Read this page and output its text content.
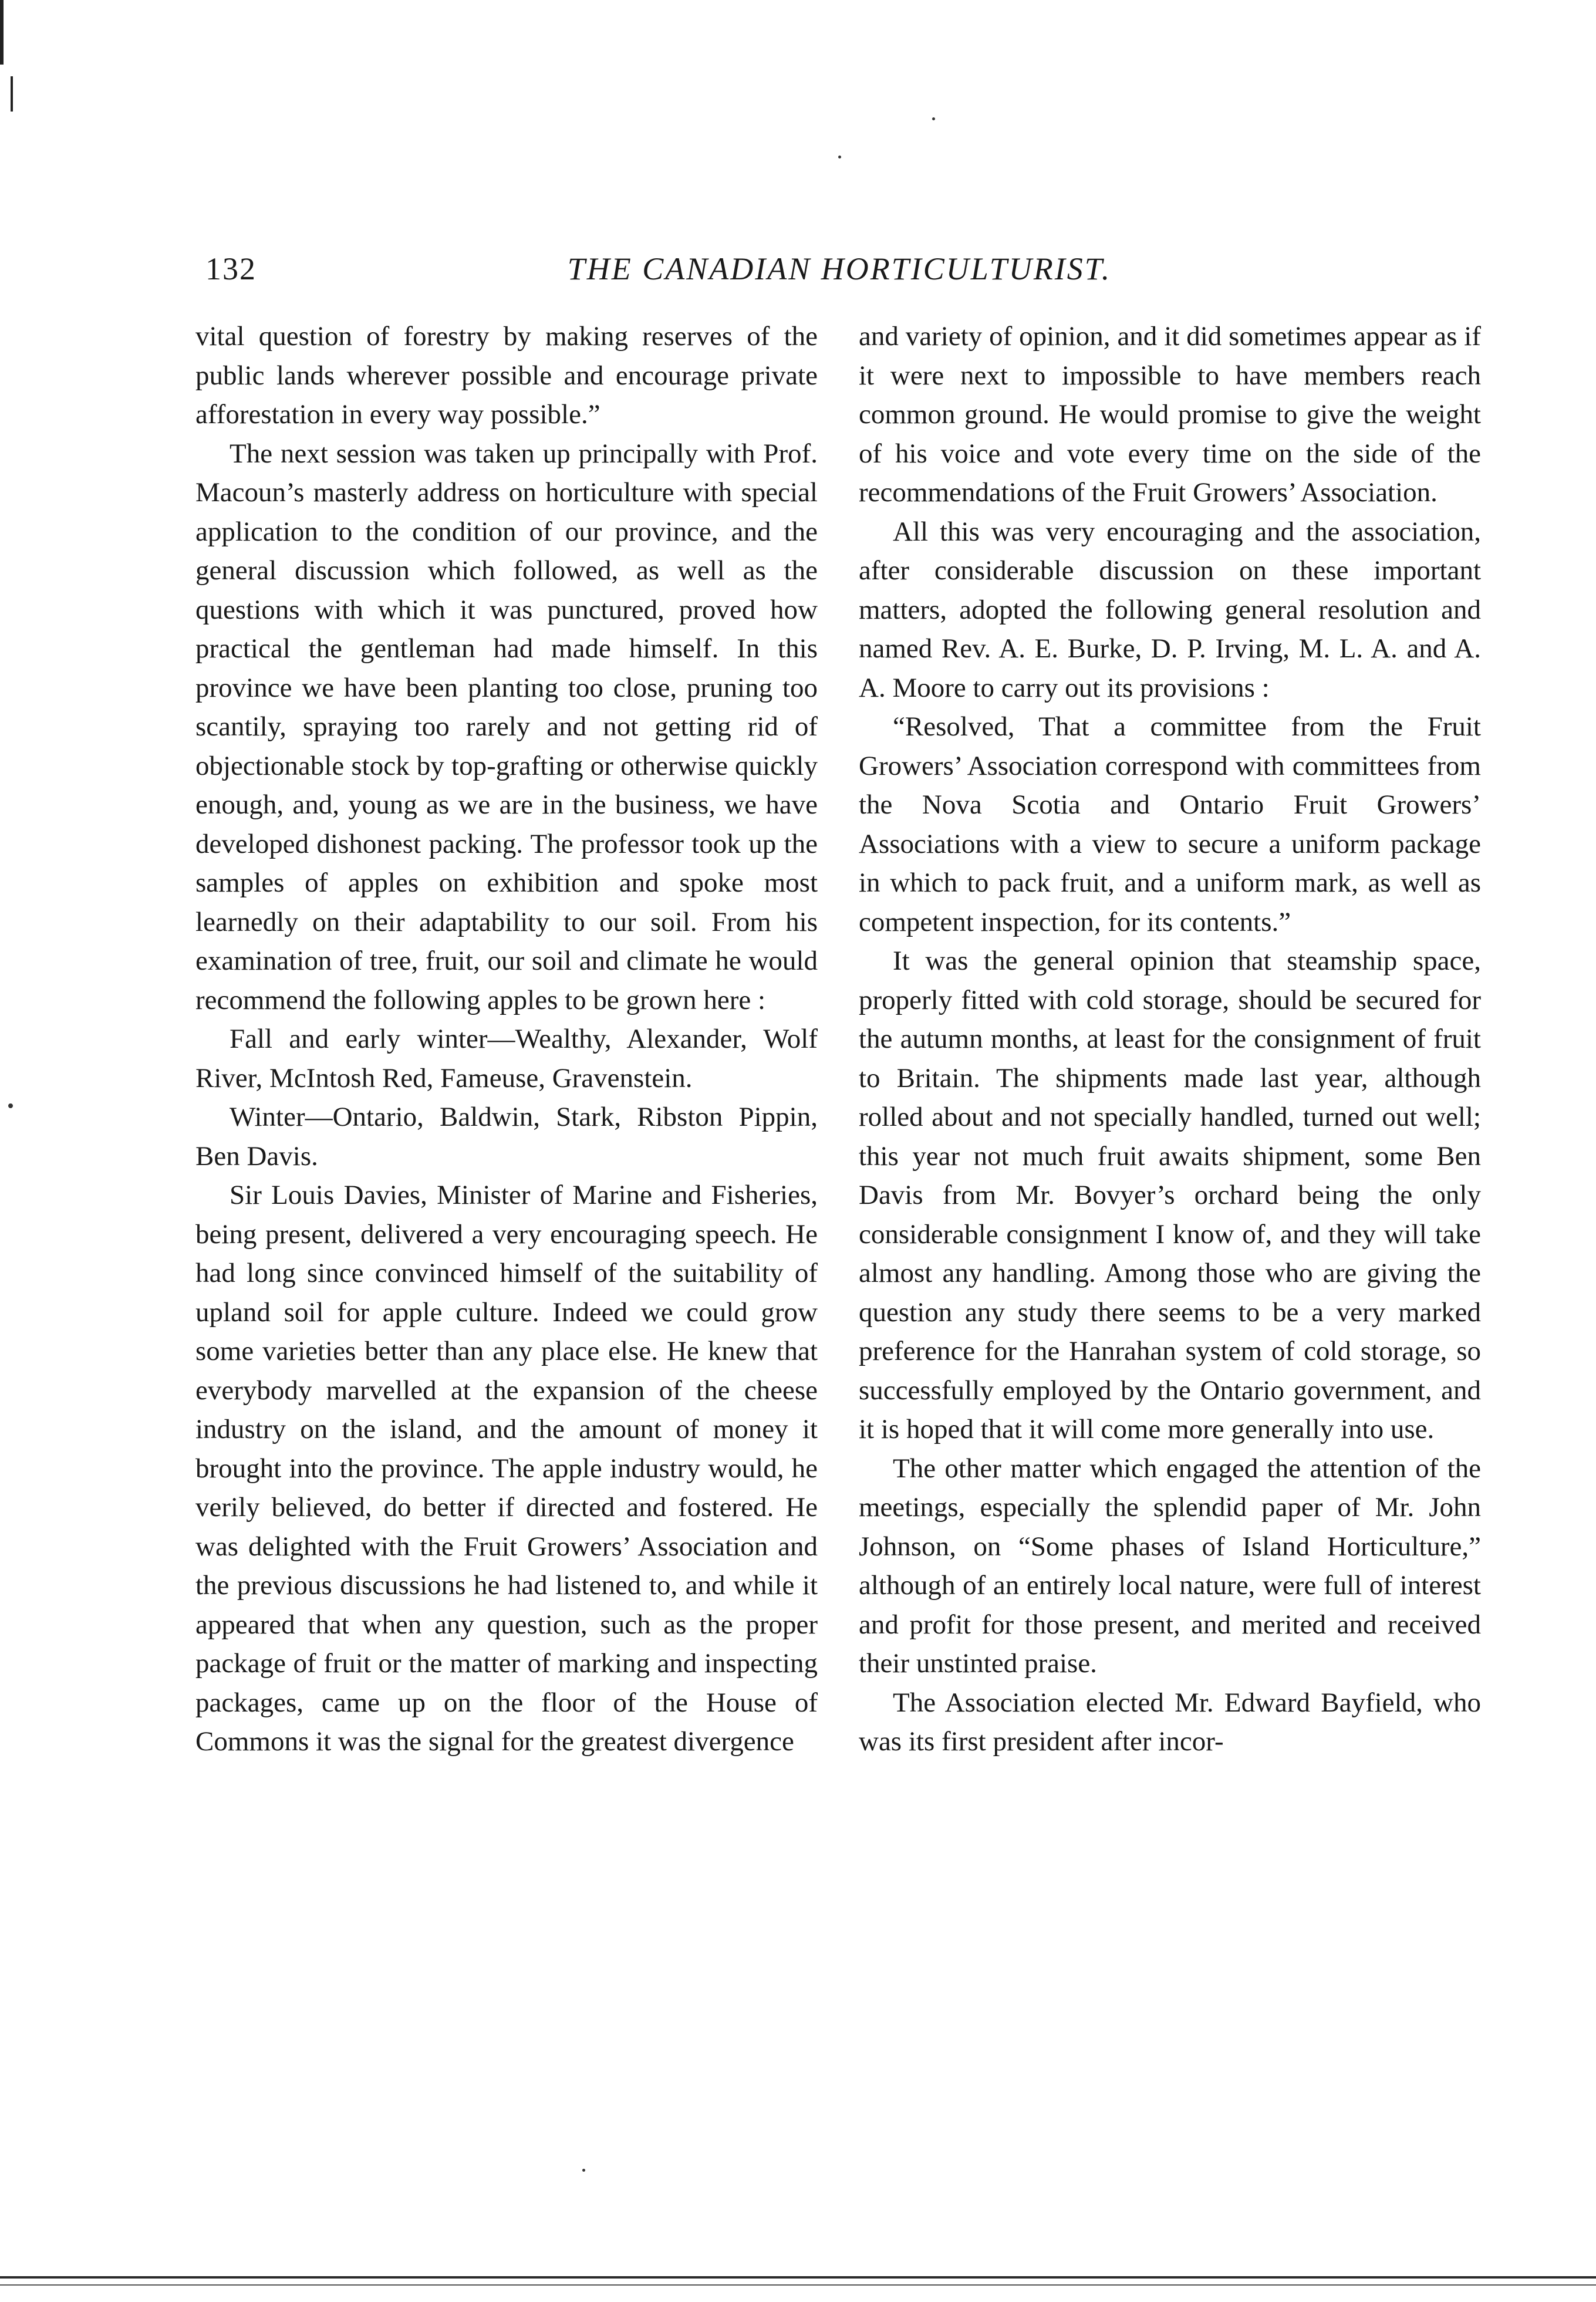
132	THE CANADIAN HORTICULTURIST.

vital question of forestry by making reserves of the public lands wherever possible and encourage private afforestation in every way possible.”

The next session was taken up principally with Prof. Macoun’s masterly address on horticulture with special application to the condition of our province, and the general discussion which followed, as well as the questions with which it was punctured, proved how practical the gentleman had made himself. In this province we have been planting too close, pruning too scantily, spraying too rarely and not getting rid of objectionable stock by top-grafting or otherwise quickly enough, and, young as we are in the business, we have developed dishonest packing. The professor took up the samples of apples on exhibition and spoke most learnedly on their adaptability to our soil. From his examination of tree, fruit, our soil and climate he would recommend the following apples to be grown here :

Fall and early winter—Wealthy, Alexander, Wolf River, McIntosh Red, Fameuse, Gravenstein.

Winter—Ontario, Baldwin, Stark, Ribston Pippin, Ben Davis.

Sir Louis Davies, Minister of Marine and Fisheries, being present, delivered a very encouraging speech. He had long since convinced himself of the suitability of upland soil for apple culture. Indeed we could grow some varieties better than any place else. He knew that everybody marvelled at the expansion of the cheese industry on the island, and the amount of money it brought into the province. The apple industry would, he verily believed, do better if directed and fostered. He was delighted with the Fruit Growers’ Association and the previous discussions he had listened to, and while it appeared that when any question, such as the proper package of fruit or the matter of marking and inspecting packages, came up on the floor of the House of Commons it was the signal for the greatest divergence

and variety of opinion, and it did sometimes appear as if it were next to impossible to have members reach common ground. He would promise to give the weight of his voice and vote every time on the side of the recommendations of the Fruit Growers’ Association.

All this was very encouraging and the association, after considerable discussion on these important matters, adopted the following general resolution and named Rev. A. E. Burke, D. P. Irving, M. L. A. and A. A. Moore to carry out its provisions :

“Resolved, That a committee from the Fruit Growers’ Association correspond with committees from the Nova Scotia and Ontario Fruit Growers’ Associations with a view to secure a uniform package in which to pack fruit, and a uniform mark, as well as competent inspection, for its contents.”

It was the general opinion that steamship space, properly fitted with cold storage, should be secured for the autumn months, at least for the consignment of fruit to Britain. The shipments made last year, although rolled about and not specially handled, turned out well; this year not much fruit awaits shipment, some Ben Davis from Mr. Bovyer’s orchard being the only considerable consignment I know of, and they will take almost any handling. Among those who are giving the question any study there seems to be a very marked preference for the Hanrahan system of cold storage, so successfully employed by the Ontario government, and it is hoped that it will come more generally into use.

The other matter which engaged the attention of the meetings, especially the splendid paper of Mr. John Johnson, on “Some phases of Island Horticulture,” although of an entirely local nature, were full of interest and profit for those present, and merited and received their unstinted praise.

The Association elected Mr. Edward Bayfield, who was its first president after incor-
